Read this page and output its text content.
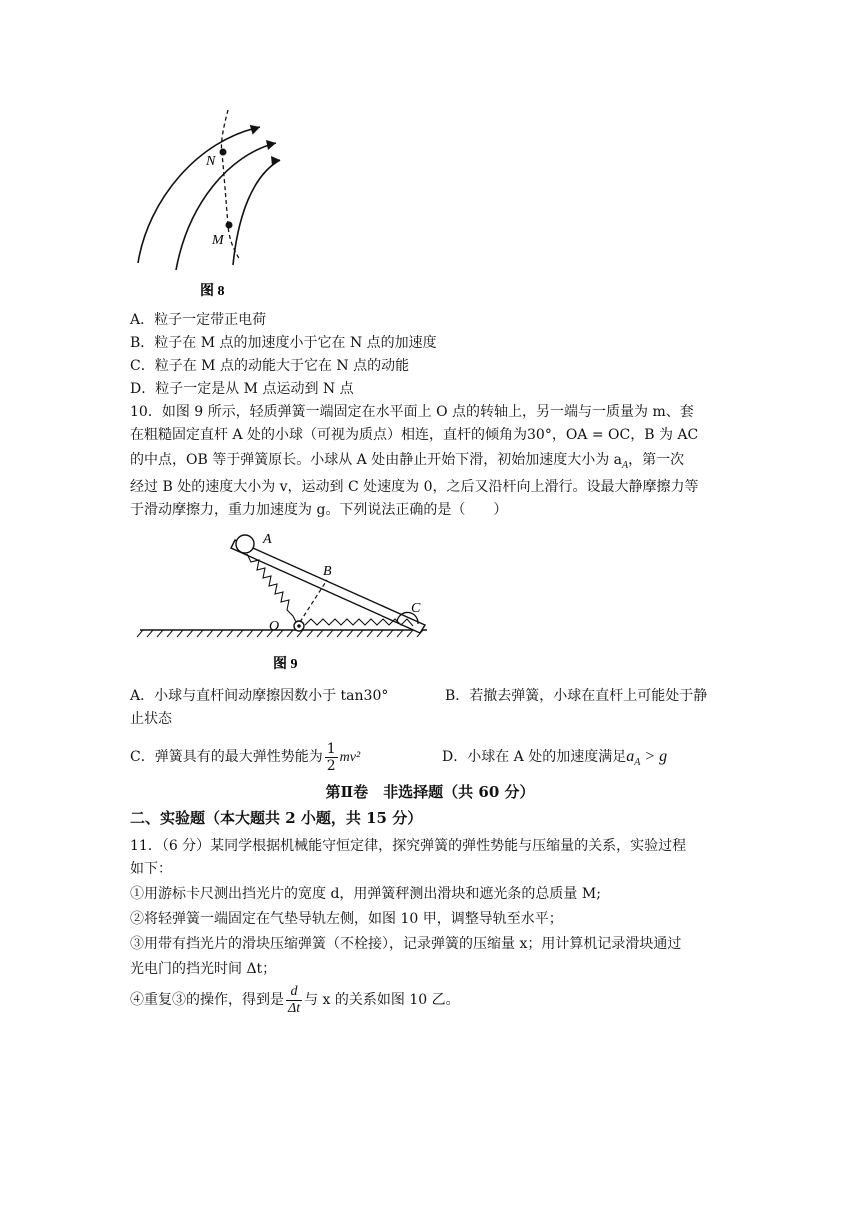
N
M
图 8
A．粒子一定带正电荷
B．粒子在 M 点的加速度小于它在 N 点的加速度
C．粒子在 M 点的动能大于它在 N 点的动能
D．粒子一定是从 M 点运动到 N 点
10．如图 9 所示，轻质弹簧一端固定在水平面上 O 点的转轴上，另一端与一质量为 m、套
在粗糙固定直杆 A 处的小球（可视为质点）相连，直杆的倾角为30°，OA = OC，B 为 AC
的中点，OB 等于弹簧原长。小球从 A 处由静止开始下滑，初始加速度大小为 $a_A$，第一次
经过 B 处的速度大小为 v，运动到 C 处速度为 0，之后又沿杆向上滑行。设最大静摩擦力等
于滑动摩擦力，重力加速度为 g。下列说法正确的是（　　）
A
B
C
O
图 9
A．小球与直杆间动摩擦因数小于 tan30°	B．若撤去弹簧，小球在直杆上可能处于静
止状态
C．弹簧具有的最大弹性势能为 $\frac{1}{2} mv^2$	D．小球在 A 处的加速度满足$a_A > g$
第Ⅱ卷　非选择题（共 60 分）
二、实验题（本大题共 2 小题，共 15 分）
11．（6 分）某同学根据机械能守恒定律，探究弹簧的弹性势能与压缩量的关系，实验过程
如下：
①用游标卡尺测出挡光片的宽度 d，用弹簧秤测出滑块和遮光条的总质量 M;
②将轻弹簧一端固定在气垫导轨左侧，如图 10 甲，调整导轨至水平；
③用带有挡光片的滑块压缩弹簧（不栓接），记录弹簧的压缩量 x；用计算机记录滑块通过
光电门的挡光时间 Δt；
④重复③的操作，得到是 $\frac{d}{\Delta t}$ 与 x 的关系如图 10 乙。
